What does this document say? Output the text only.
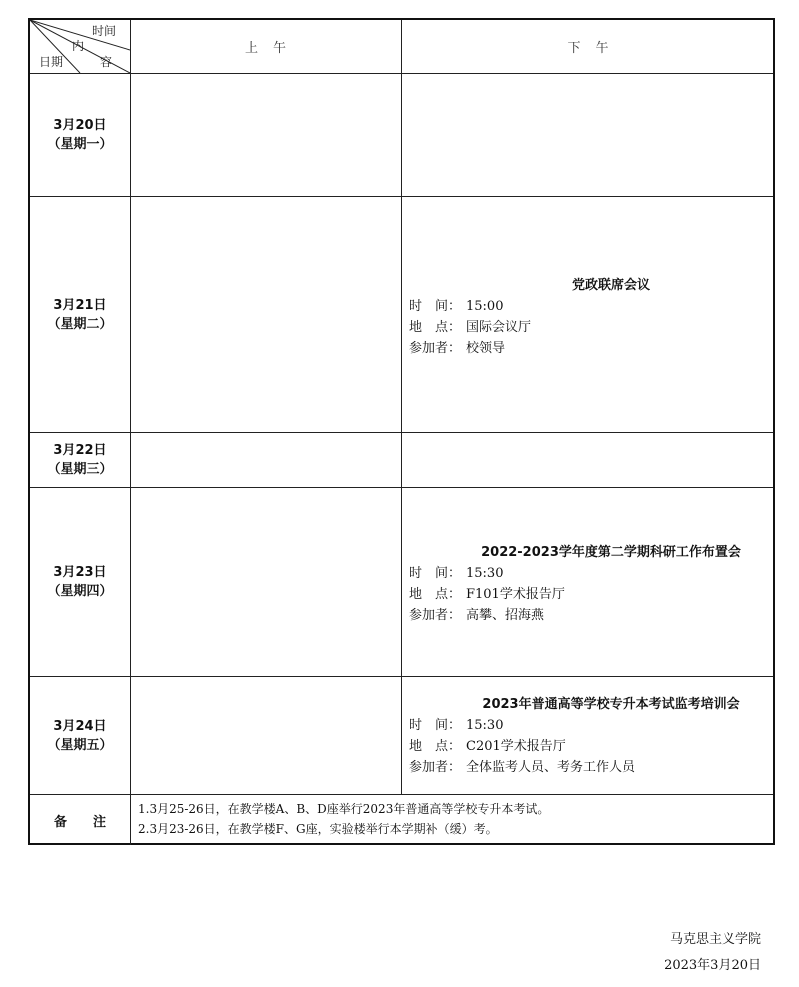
时间
内
日期	容
上　午	下　午
3月20日
（星期一）
3月21日
（星期二）
3月22日
（星期三）
3月23日
（星期四）
3月24日
（星期五）
党政联席会议
时　间： 15:00
地　点： 国际会议厅
参加者： 校领导
2022-2023学年度第二学期科研工作布置会
时　间： 15:30
地　点： F101学术报告厅
参加者： 高攀、招海燕
2023年普通高等学校专升本考试监考培训会
时　间： 15:30
地　点： C201学术报告厅
参加者： 全体监考人员、考务工作人员
备　　注
1.3月25-26日，在教学楼A、B、D座举行2023年普通高等学校专升本考试。
2.3月23-26日，在教学楼F、G座，实验楼举行本学期补（缓）考。
马克思主义学院
2023年3月20日
